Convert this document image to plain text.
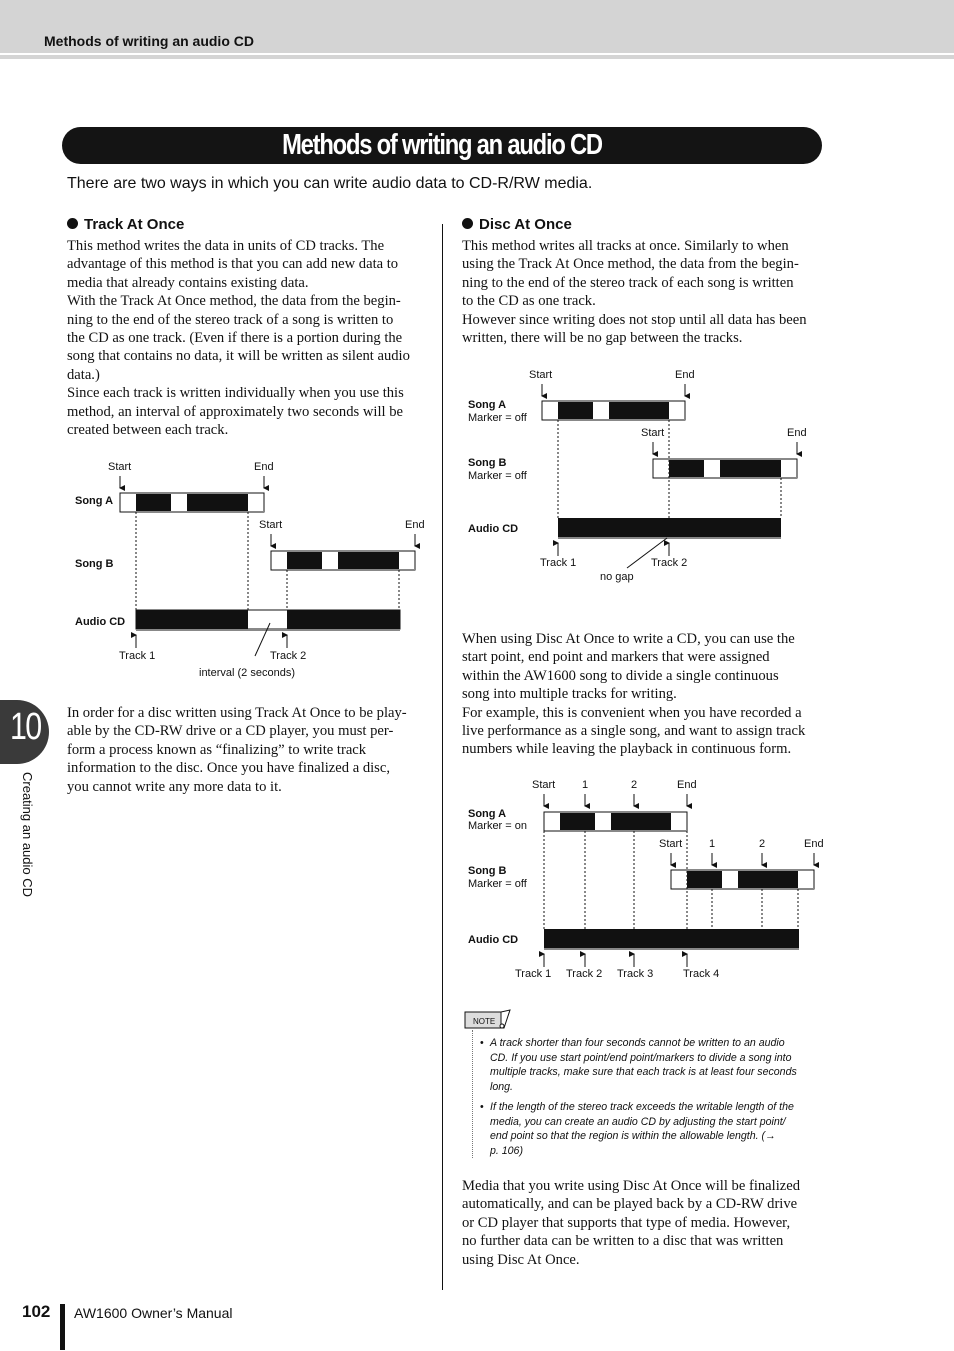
Methods of writing an audio CD
Methods of writing an audio CD
There are two ways in which you can write audio data to CD-R/RW media.
Track At Once
This method writes the data in units of CD tracks. The
advantage of this method is that you can add new data to
media that already contains existing data.
With the Track At Once method, the data from the begin-
ning to the end of the stereo track of a song is written to
the CD as one track. (Even if there is a portion during the
song that contains no data, it will be written as silent audio
data.)
Since each track is written individually when you use this
method, an interval of approximately two seconds will be
created between each track.
Start	End
Song A
Start	End
Song B
Audio CD
Track 1	Track 2
interval (2 seconds)
In order for a disc written using Track At Once to be play-
able by the CD-RW drive or a CD player, you must per-
form a process known as “finalizing” to write track
information to the disc. Once you have finalized a disc,
you cannot write any more data to it.
Disc At Once
This method writes all tracks at once. Similarly to when
using the Track At Once method, the data from the begin-
ning to the end of the stereo track of each song is written
to the CD as one track.
However since writing does not stop until all data has been
written, there will be no gap between the tracks.
Start	End
Song A
Marker = off
Start	End
Song B
Marker = off
Audio CD
Track 1	Track 2
no gap
When using Disc At Once to write a CD, you can use the
start point, end point and markers that were assigned
within the AW1600 song to divide a single continuous
song into multiple tracks for writing.
For example, this is convenient when you have recorded a
live performance as a single song, and want to assign track
numbers while leaving the playback in continuous form.
Start 1	2	End
Song A
Marker = on
Start 1	2	End
Song B
Marker = off
Audio CD
Track 1 Track 2 Track 3	Track 4
NOTE
• A track shorter than four seconds cannot be written to an audio
CD. If you use start point/end point/markers to divide a song into
multiple tracks, make sure that each track is at least four seconds
long.
• If the length of the stereo track exceeds the writable length of the
media, you can create an audio CD by adjusting the start point/
end point so that the region is within the allowable length. (→
p. 106)
Media that you write using Disc At Once will be finalized
automatically, and can be played back by a CD-RW drive
or CD player that supports that type of media. However,
no further data can be written to a disc that was written
using Disc At Once.
10
Creating an audio CD
102 AW1600 Owner’s Manual
